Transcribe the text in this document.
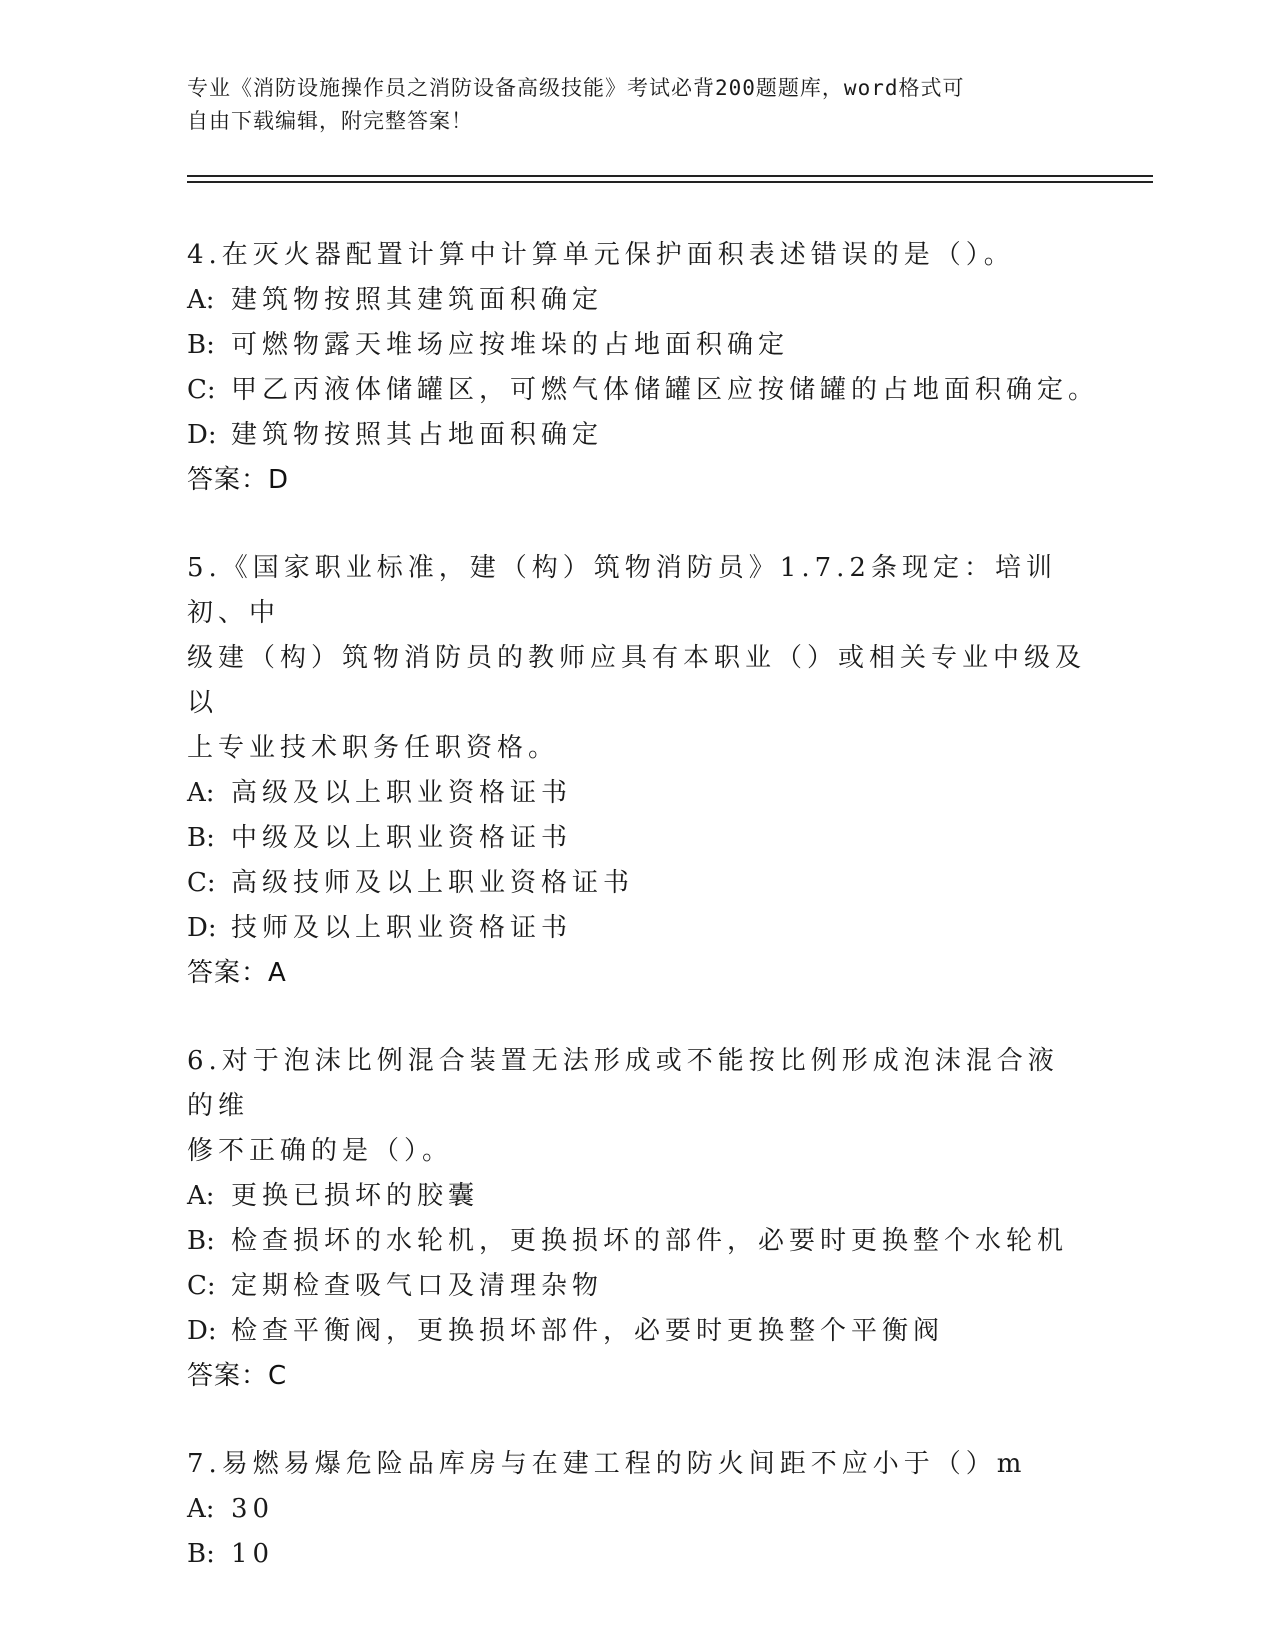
专业《消防设施操作员之消防设备高级技能》考试必背200题题库，word格式可
自由下载编辑，附完整答案！
4.在灭火器配置计算中计算单元保护面积表述错误的是（）。
A: 建筑物按照其建筑面积确定
B: 可燃物露天堆场应按堆垛的占地面积确定
C: 甲乙丙液体储罐区，可燃气体储罐区应按储罐的占地面积确定。
D: 建筑物按照其占地面积确定
答案：D
5.《国家职业标准，建（构）筑物消防员》1.7.2条现定：培训初、中
级建（构）筑物消防员的教师应具有本职业（）或相关专业中级及以
上专业技术职务任职资格。
A: 高级及以上职业资格证书
B: 中级及以上职业资格证书
C: 高级技师及以上职业资格证书
D: 技师及以上职业资格证书
答案：A
6.对于泡沫比例混合装置无法形成或不能按比例形成泡沫混合液的维
修不正确的是（）。
A: 更换已损坏的胶囊
B: 检查损坏的水轮机，更换损坏的部件，必要时更换整个水轮机
C: 定期检查吸气口及清理杂物
D: 检查平衡阀，更换损坏部件，必要时更换整个平衡阀
答案：C
7.易燃易爆危险品库房与在建工程的防火间距不应小于（）m
A: 30
B: 10
